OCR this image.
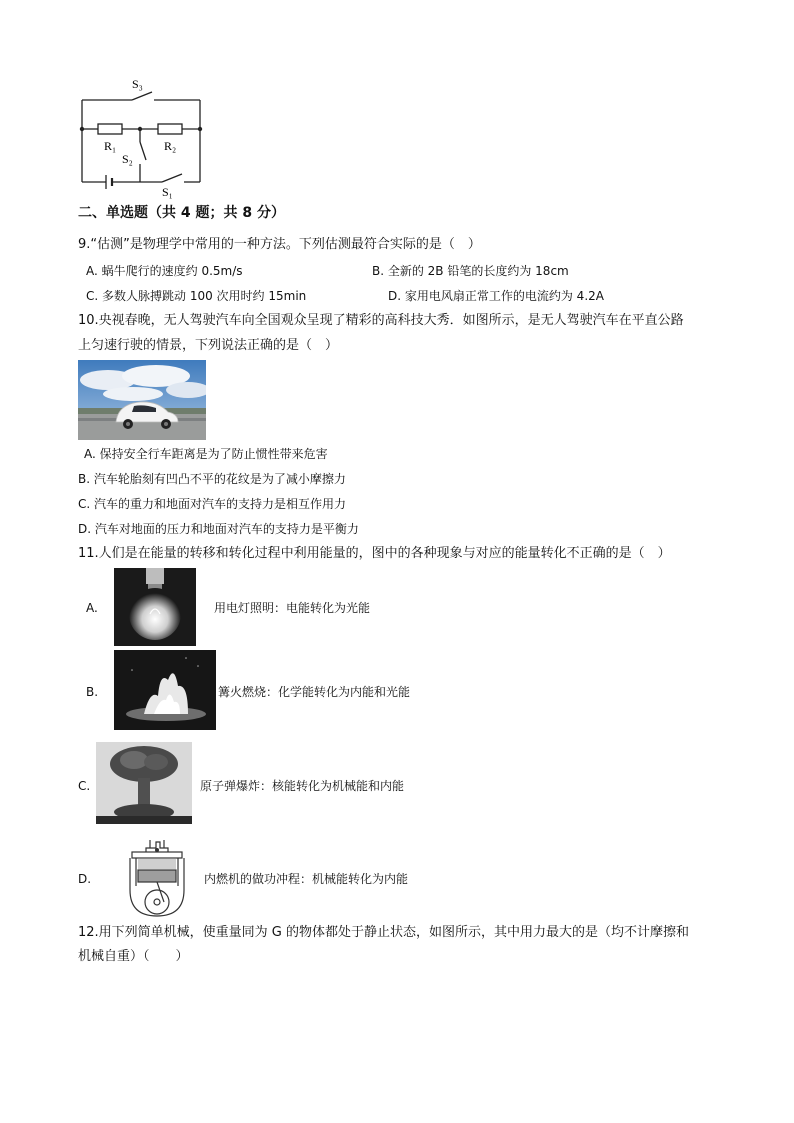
S₃
R₁	R₂
S₂
S₁
二、单选题（共 4 题；共 8 分）
9.“估测”是物理学中常用的一种方法。下列估测最符合实际的是（　）
A. 蜗牛爬行的速度约 0.5m/s	B. 全新的 2B 铅笔的长度约为 18cm
C. 多数人脉搏跳动 100 次用时约 15min	D. 家用电风扇正常工作的电流约为 4.2A
10.央视春晚，无人驾驶汽车向全国观众呈现了精彩的高科技大秀．如图所示，是无人驾驶汽车在平直公路
上匀速行驶的情景，下列说法正确的是（　）
A. 保持安全行车距离是为了防止惯性带来危害
B. 汽车轮胎刻有凹凸不平的花纹是为了减小摩擦力
C. 汽车的重力和地面对汽车的支持力是相互作用力
D. 汽车对地面的压力和地面对汽车的支持力是平衡力
11.人们是在能量的转移和转化过程中利用能量的，图中的各种现象与对应的能量转化不正确的是（　）
A.	用电灯照明：电能转化为光能
B.	篝火燃烧：化学能转化为内能和光能
C.	原子弹爆炸：核能转化为机械能和内能
D.	内燃机的做功冲程：机械能转化为内能
12.用下列简单机械，使重量同为 G 的物体都处于静止状态，如图所示，其中用力最大的是（均不计摩擦和
机械自重）（　　）
